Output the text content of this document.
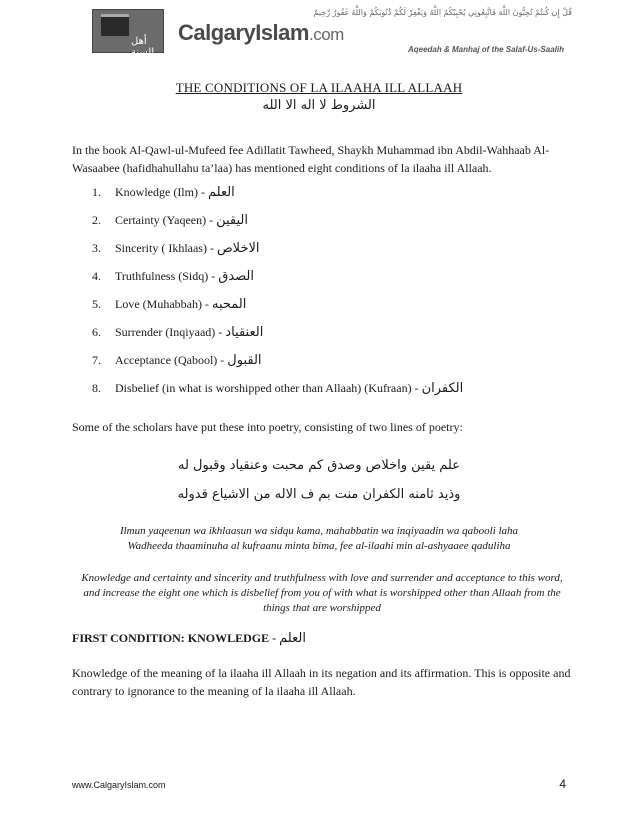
أهل السنة
CalgaryIslam.com
قُلْ إِن كُنتُمْ تُحِبُّونَ اللَّهَ فَاتَّبِعُونِي يُحْبِبْكُمُ اللَّهُ وَيَغْفِرْ لَكُمْ ذُنُوبَكُمْ وَاللَّهُ غَفُورٌ رَّحِيمٌ
Aqeedah & Manhaj of the Salaf-Us-Saalih
THE CONDITIONS OF LA ILAAHA ILL ALLAAH
الشروط لا اله الا الله

In the book Al-Qawl-ul-Mufeed fee Adillatit Tawheed, Shaykh Muhammad ibn Abdil-Wahhaab Al-Wasaabee (hafidhahullahu ta’laa) has mentioned eight conditions of la ilaaha ill Allaah.

1. Knowledge (Ilm) - العلم
2. Certainty (Yaqeen) - اليقين
3. Sincerity ( Ikhlaas) - الاخلاص
4. Truthfulness (Sidq) - الصدق
5. Love (Muhabbah) - المحبه
6. Surrender (Inqiyaad) - العنقياد
7. Acceptance (Qabool) - القبول
8. Disbelief (in what is worshipped other than Allaah) (Kufraan) - الكفران

Some of the scholars have put these into poetry, consisting of two lines of poetry:

علم يقين واخلاص وصدق كم محبت وعنقياد وقبول له
وذيد ثامنه الكفران منت بم ف الاله من الاشياع قدوله
Ilmun yaqeenun wa ikhlaasun wa sidqu kama, mahabbatin wa inqiyaadin wa qabooli laha
Wadheeda thaaminuha al kufraanu minta bima, fee al-ilaahi min al-ashyaaee qaduliha

Knowledge and certainty and sincerity and truthfulness with love and surrender and acceptance to this word, and increase the eight one which is disbelief from you of with what is worshipped other than Allaah from the things that are worshipped

FIRST CONDITION: KNOWLEDGE - العلم

Knowledge of the meaning of la ilaaha ill Allaah in its negation and its affirmation. This is opposite and contrary to ignorance to the meaning of la ilaaha ill Allaah.

www.CalgaryIslam.com	4
